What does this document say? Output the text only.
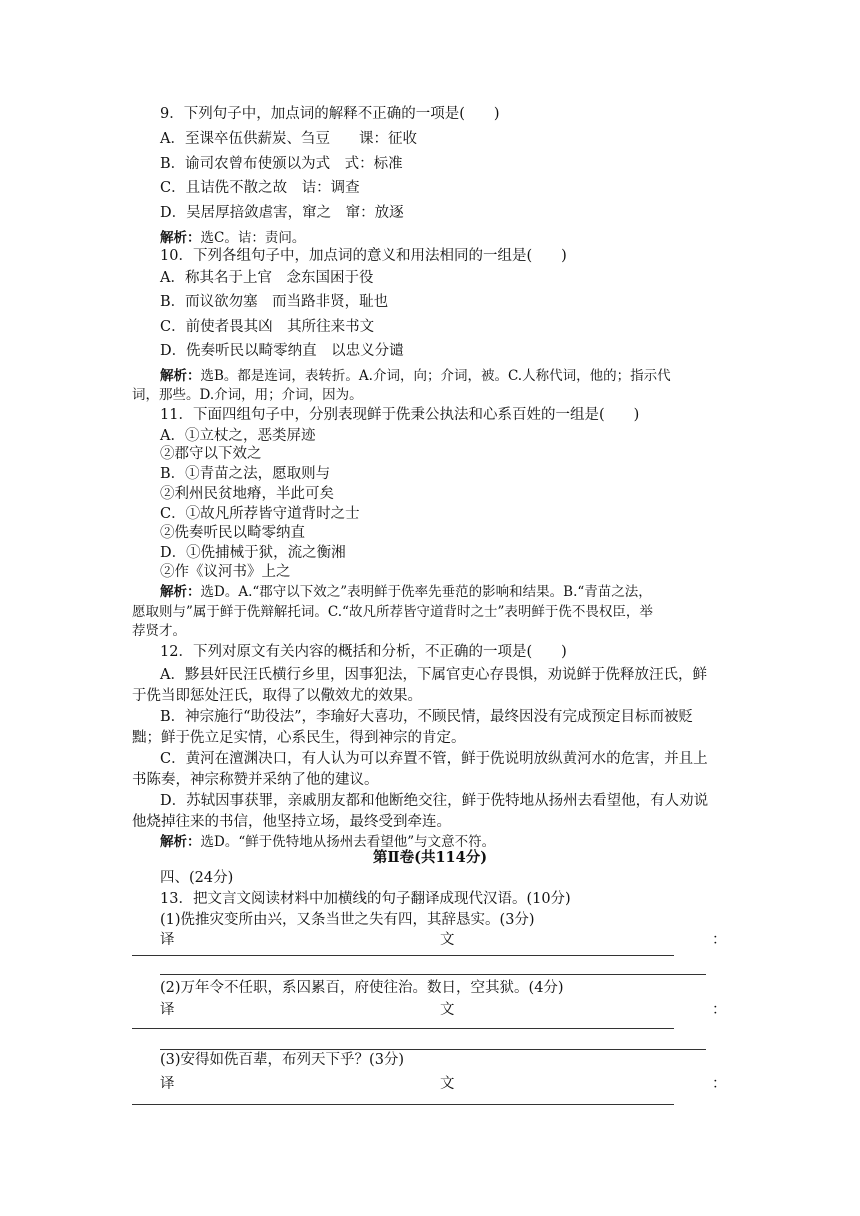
9．下列句子中，加点词的解释不正确的一项是(　　)
A．至课卒伍供薪炭、刍豆　　课：征收
B．谕司农曾布使颁以为式　式：标准
C．且诘侁不散之故　诘：调查
D．吴居厚掊敛虐害，窜之　窜：放逐
解析：选C。诘：责问。
10．下列各组句子中，加点词的意义和用法相同的一组是(　　)
A．称其名于上官　念东国困于役
B．而议欲勿塞　而当路非贤，耻也
C．前使者畏其凶　其所往来书文
D．侁奏听民以畸零纳直　以忠义分谴
解析：选B。都是连词，表转折。A.介词，向；介词，被。C.人称代词，他的；指示代
词，那些。D.介词，用；介词，因为。
11．下面四组句子中，分别表现鲜于侁秉公执法和心系百姓的一组是(　　)
A．①立杖之，恶类屏迹
②郡守以下效之
B．①青苗之法，愿取则与
②利州民贫地瘠，半此可矣
C．①故凡所荐皆守道背时之士
②侁奏听民以畸零纳直
D．①侁捕械于狱，流之衡湘
②作《议河书》上之
解析：选D。A.“郡守以下效之”表明鲜于侁率先垂范的影响和结果。B.“青苗之法，
愿取则与”属于鲜于侁辩解托词。C.“故凡所荐皆守道背时之士”表明鲜于侁不畏权臣，举
荐贤才。
12．下列对原文有关内容的概括和分析，不正确的一项是(　　)
A．黟县奸民汪氏横行乡里，因事犯法，下属官吏心存畏惧，劝说鲜于侁释放汪氏，鲜
于侁当即惩处汪氏，取得了以儆效尤的效果。
B．神宗施行“助役法”，李瑜好大喜功，不顾民情，最终因没有完成预定目标而被贬
黜；鲜于侁立足实情，心系民生，得到神宗的肯定。
C．黄河在澶渊决口，有人认为可以弃置不管，鲜于侁说明放纵黄河水的危害，并且上
书陈奏，神宗称赞并采纳了他的建议。
D．苏轼因事获罪，亲戚朋友都和他断绝交往，鲜于侁特地从扬州去看望他，有人劝说
他烧掉往来的书信，他坚持立场，最终受到牵连。
解析：选D。“鲜于侁特地从扬州去看望他”与文意不符。
第Ⅱ卷(共114分)
四、(24分)
13．把文言文阅读材料中加横线的句子翻译成现代汉语。(10分)
(1)侁推灾变所由兴，又条当世之失有四，其辞恳实。(3分)
译	文	：
(2)万年令不任职，系囚累百，府使往治。数日，空其狱。(4分)
译	文	：
(3)安得如侁百辈，布列天下乎？(3分)
译	文	：
